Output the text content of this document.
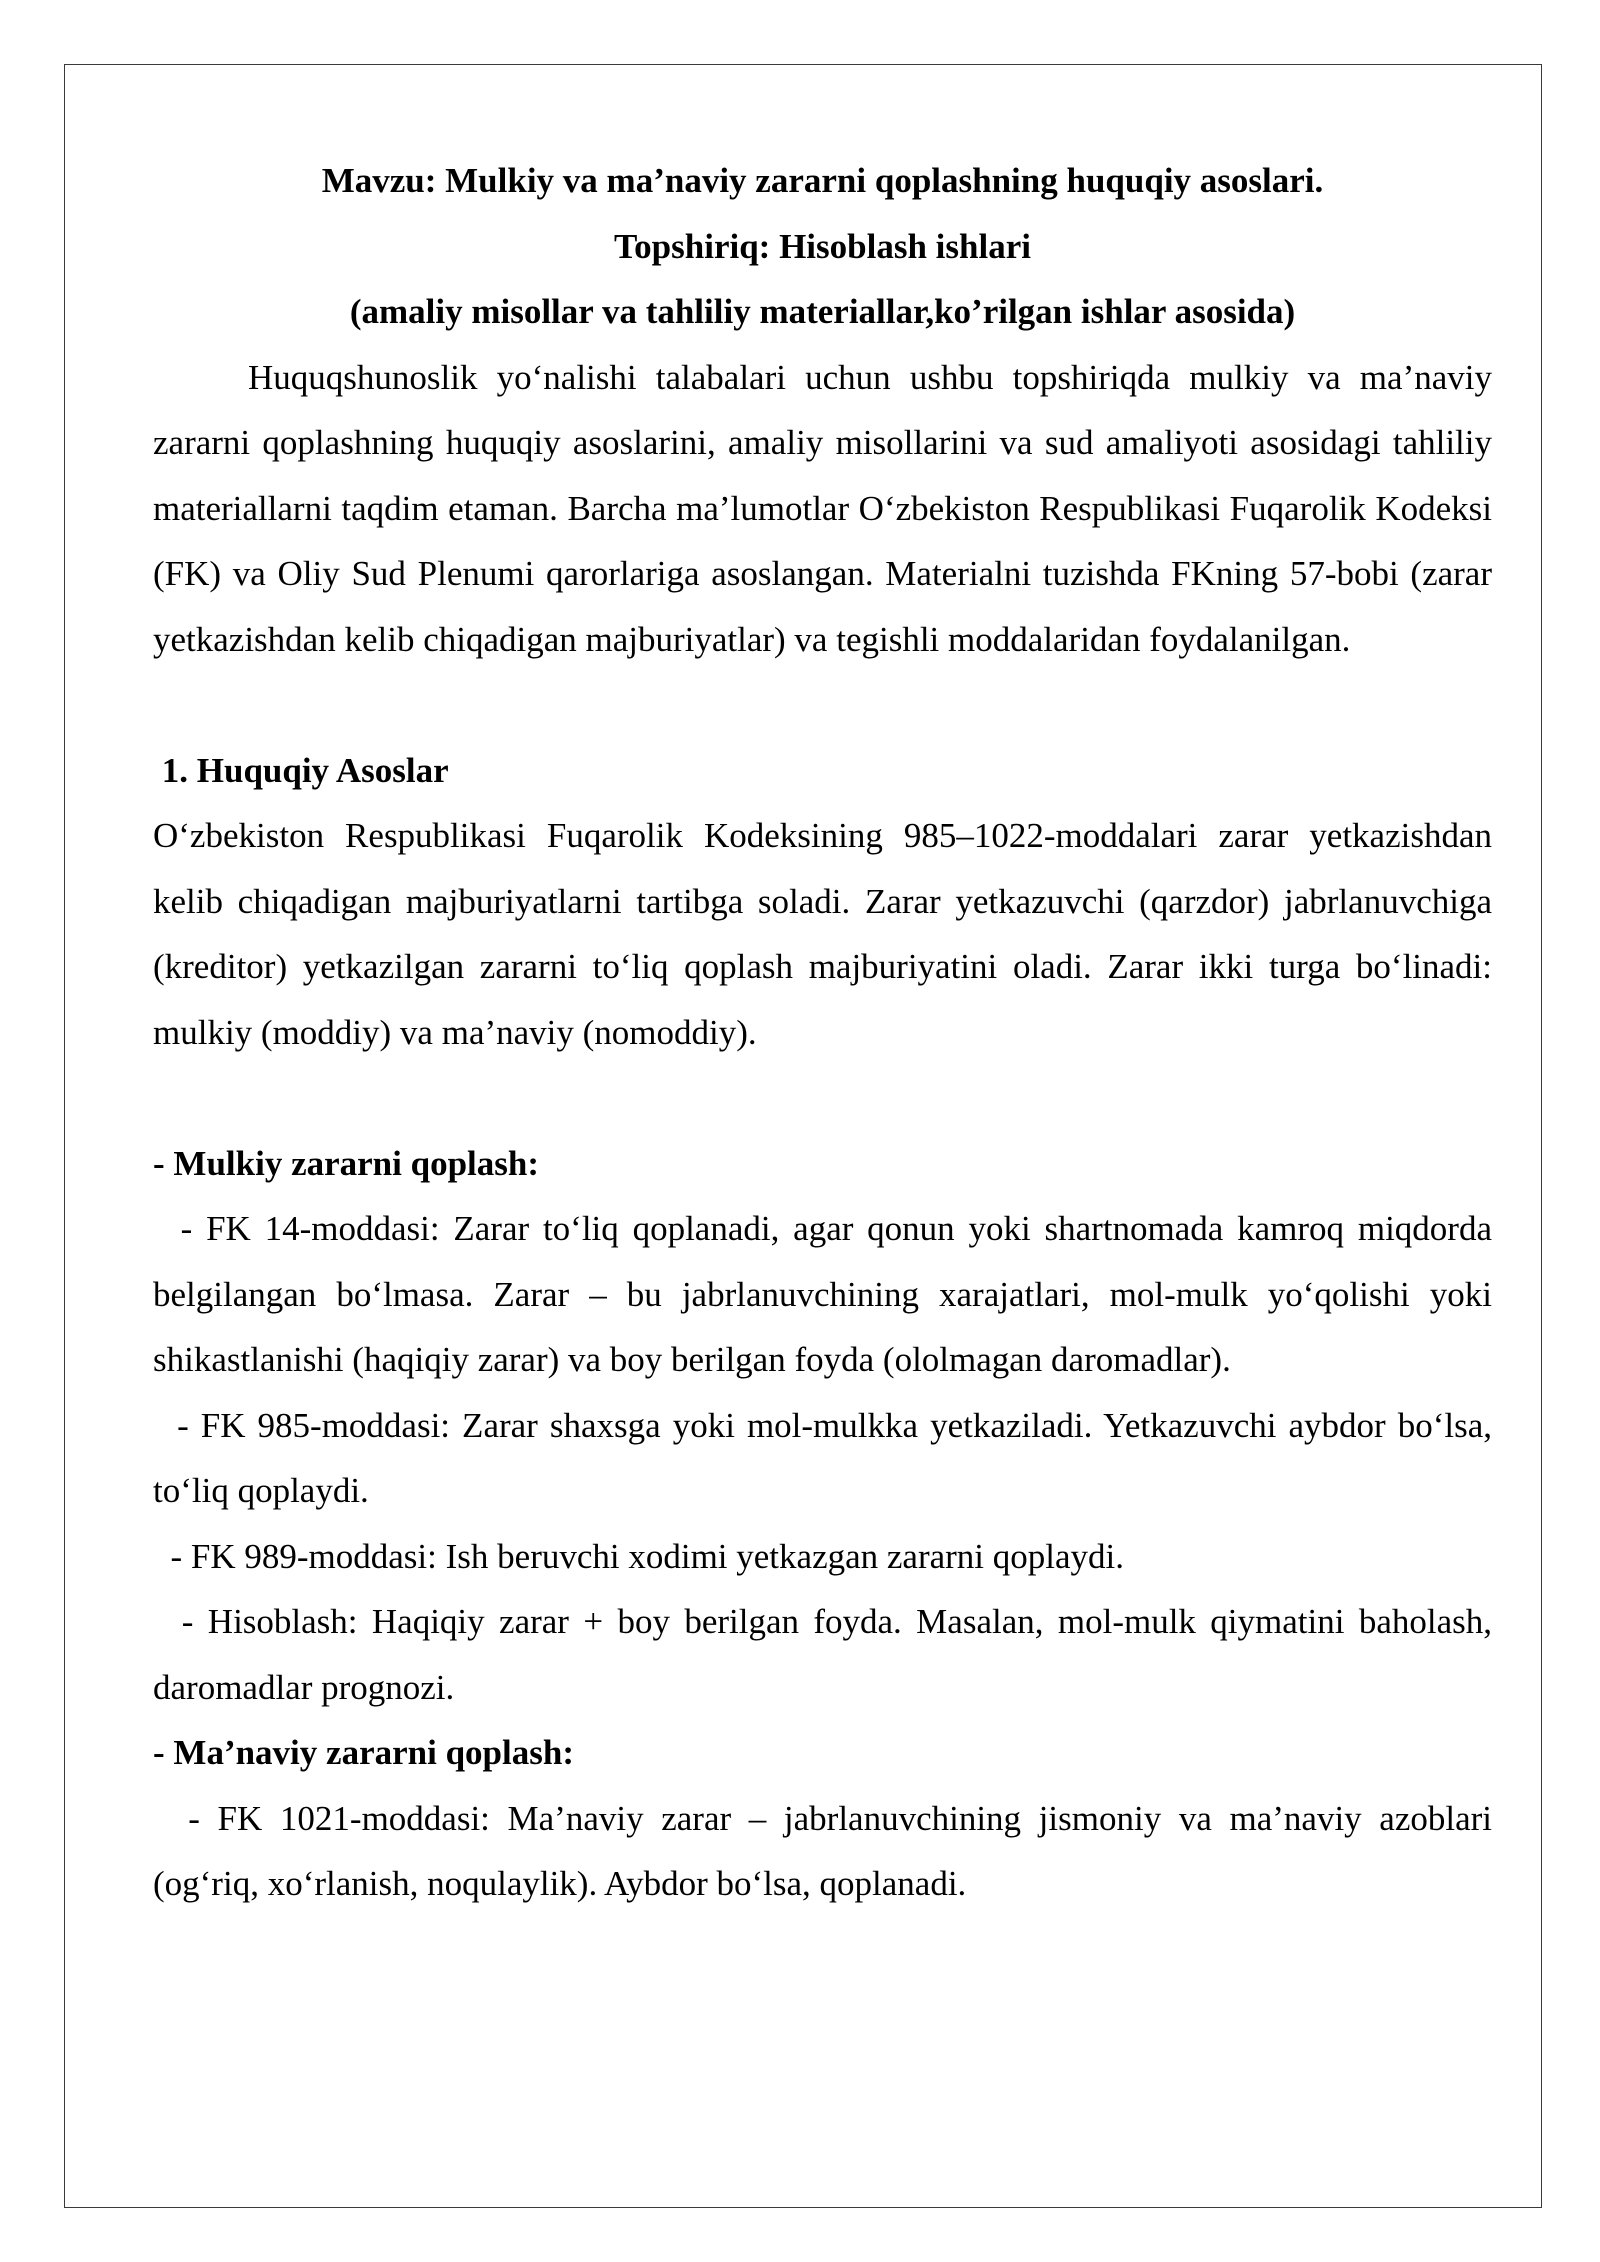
Mavzu: Mulkiy va ma’naviy zararni qoplashning huquqiy asoslari.

Topshiriq: Hisoblash ishlari

(amaliy misollar va tahliliy materiallar,ko’rilgan ishlar asosida)

Huquqshunoslik yo‘nalishi talabalari uchun ushbu topshiriqda mulkiy va ma’naviy zararni qoplashning huquqiy asoslarini, amaliy misollarini va sud amaliyoti asosidagi tahliliy materiallarni taqdim etaman. Barcha ma’lumotlar O‘zbekiston Respublikasi Fuqarolik Kodeksi (FK) va Oliy Sud Plenumi qarorlariga asoslangan. Materialni tuzishda FKning 57-bobi (zarar yetkazishdan kelib chiqadigan majburiyatlar) va tegishli moddalaridan foydalanilgan.

1. Huquqiy Asoslar

O‘zbekiston Respublikasi Fuqarolik Kodeksining 985–1022-moddalari zarar yetkazishdan kelib chiqadigan majburiyatlarni tartibga soladi. Zarar yetkazuvchi (qarzdor) jabrlanuvchiga (kreditor) yetkazilgan zararni to‘liq qoplash majburiyatini oladi. Zarar ikki turga bo‘linadi: mulkiy (moddiy) va ma’naviy (nomoddiy).

- Mulkiy zararni qoplash:

- FK 14-moddasi: Zarar to‘liq qoplanadi, agar qonun yoki shartnomada kamroq miqdorda belgilangan bo‘lmasa. Zarar – bu jabrlanuvchining xarajatlari, mol-mulk yo‘qolishi yoki shikastlanishi (haqiqiy zarar) va boy berilgan foyda (ololmagan daromadlar).

- FK 985-moddasi: Zarar shaxsga yoki mol-mulkka yetkaziladi. Yetkazuvchi aybdor bo‘lsa, to‘liq qoplaydi.

- FK 989-moddasi: Ish beruvchi xodimi yetkazgan zararni qoplaydi.

- Hisoblash: Haqiqiy zarar + boy berilgan foyda. Masalan, mol-mulk qiymatini baholash, daromadlar prognozi.

- Ma’naviy zararni qoplash:

- FK 1021-moddasi: Ma’naviy zarar – jabrlanuvchining jismoniy va ma’naviy azoblari (og‘riq, xo‘rlanish, noqulaylik). Aybdor bo‘lsa, qoplanadi.
